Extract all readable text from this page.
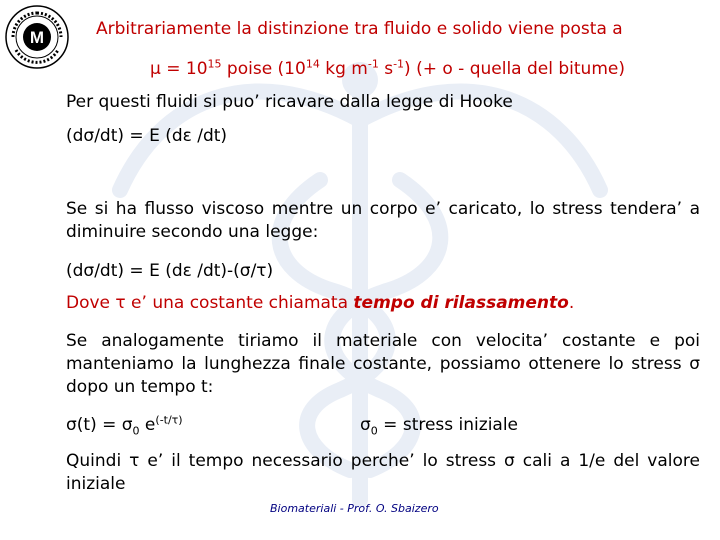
M	Arbitrariamente la distinzione tra fluido e solido viene posta a
$\mu = 10^{15}$ poise ($10^{14}$ kg $m^{-1}$ $s^{-1}$) (+ o - quella del bitume)
Per questi fluidi si puo’ ricavare dalla legge di Hooke
(dσ/dt) = E (dε /dt)
Se si ha flusso viscoso mentre un corpo e’ caricato, lo stress tendera’ a diminuire secondo una legge:
(dσ/dt) = E (dε /dt)-(σ/τ)
Dove τ e’ una costante chiamata tempo di rilassamento.
Se analogamente tiriamo il materiale con velocita’ costante e poi manteniamo la lunghezza finale costante, possiamo ottenere lo stress σ dopo un tempo t:
$\sigma(t) = \sigma_0$ $e^{(-t/\tau)}$	$\sigma_0$ = stress iniziale
Quindi τ e’ il tempo necessario perche’ lo stress σ cali a 1/e del valore iniziale
Biomateriali - Prof. O. Sbaizero
